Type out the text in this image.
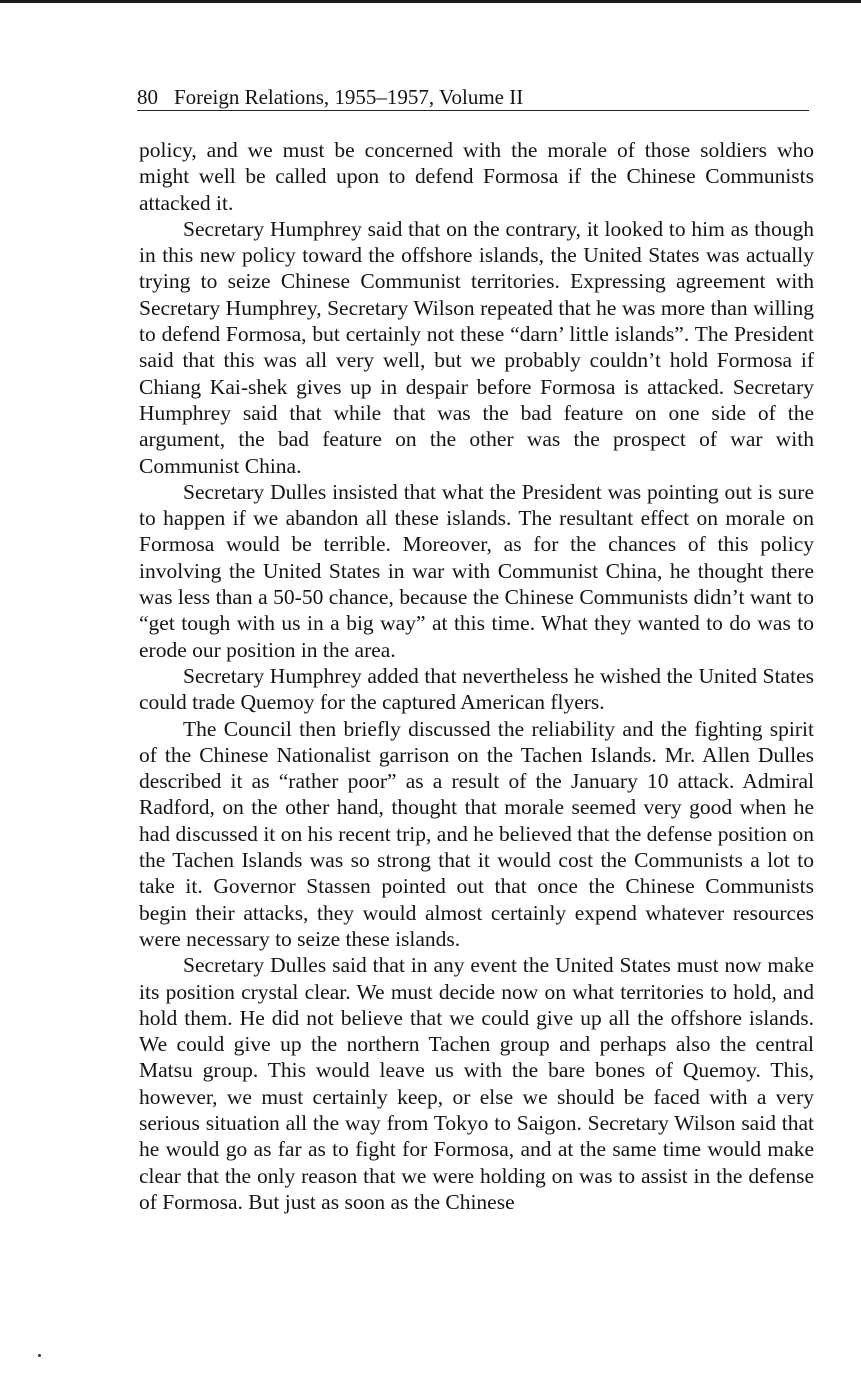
80 Foreign Relations, 1955–1957, Volume II

policy, and we must be concerned with the morale of those soldiers who might well be called upon to defend Formosa if the Chinese Communists attacked it.

Secretary Humphrey said that on the contrary, it looked to him as though in this new policy toward the offshore islands, the United States was actually trying to seize Chinese Communist territories. Expressing agreement with Secretary Humphrey, Secretary Wilson repeated that he was more than willing to defend Formosa, but certainly not these “darn’ little islands”. The President said that this was all very well, but we probably couldn’t hold Formosa if Chiang Kai-shek gives up in despair before Formosa is attacked. Secretary Humphrey said that while that was the bad feature on one side of the argument, the bad feature on the other was the prospect of war with Communist China.

Secretary Dulles insisted that what the President was pointing out is sure to happen if we abandon all these islands. The resultant effect on morale on Formosa would be terrible. Moreover, as for the chances of this policy involving the United States in war with Communist China, he thought there was less than a 50-50 chance, because the Chinese Communists didn’t want to “get tough with us in a big way” at this time. What they wanted to do was to erode our position in the area.

Secretary Humphrey added that nevertheless he wished the United States could trade Quemoy for the captured American flyers.

The Council then briefly discussed the reliability and the fighting spirit of the Chinese Nationalist garrison on the Tachen Islands. Mr. Allen Dulles described it as “rather poor” as a result of the January 10 attack. Admiral Radford, on the other hand, thought that morale seemed very good when he had discussed it on his recent trip, and he believed that the defense position on the Tachen Islands was so strong that it would cost the Communists a lot to take it. Governor Stassen pointed out that once the Chinese Communists begin their attacks, they would almost certainly expend whatever resources were necessary to seize these islands.

Secretary Dulles said that in any event the United States must now make its position crystal clear. We must decide now on what territories to hold, and hold them. He did not believe that we could give up all the offshore islands. We could give up the northern Tachen group and perhaps also the central Matsu group. This would leave us with the bare bones of Quemoy. This, however, we must certainly keep, or else we should be faced with a very serious situation all the way from Tokyo to Saigon. Secretary Wilson said that he would go as far as to fight for Formosa, and at the same time would make clear that the only reason that we were holding on was to assist in the defense of Formosa. But just as soon as the Chinese
